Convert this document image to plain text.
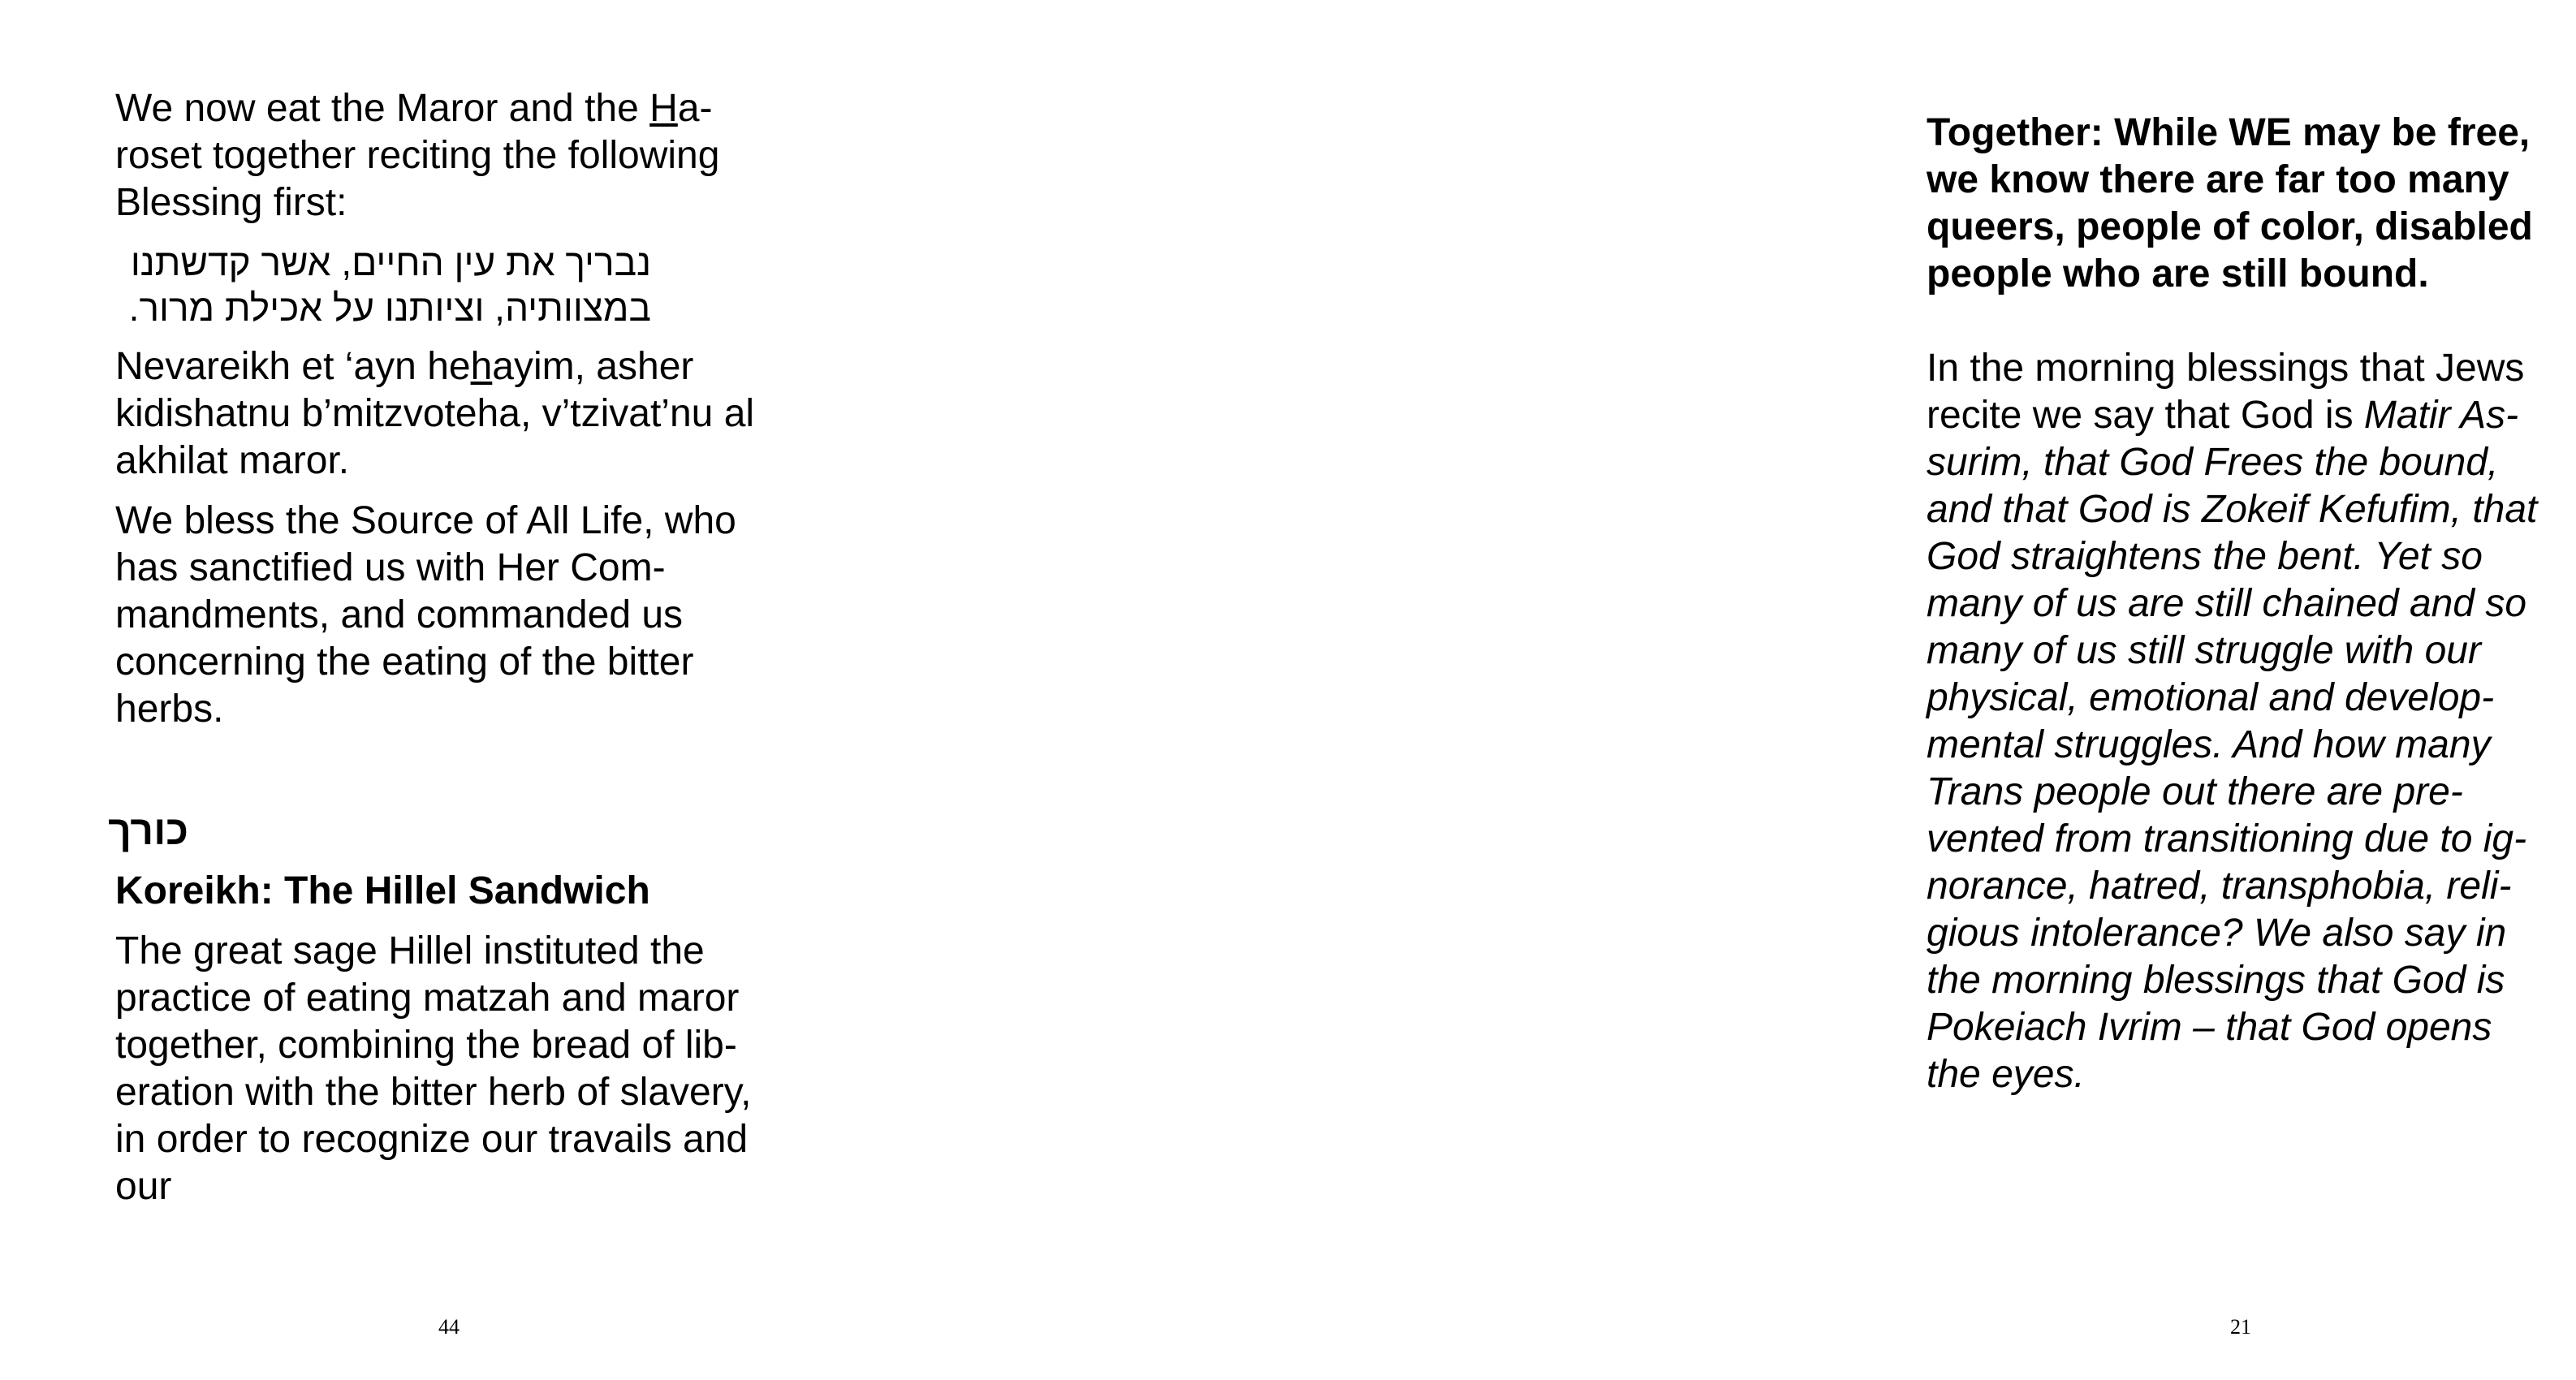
We now eat the Maror and the Ha-
roset together reciting the following
Blessing first:

נבריך את עין החיים, אשר קדשתנו
במצוותיה, וציותנו על אכילת מרור.

Nevareikh et ‘ayn hehayim, asher
kidishatnu b’mitzvoteha, v’tzivat’nu al
akhilat maror.

We bless the Source of All Life, who
has sanctified us with Her Com-
mandments, and commanded us
concerning the eating of the bitter
herbs.

כורך

Koreikh: The Hillel Sandwich

The great sage Hillel instituted the
practice of eating matzah and maror
together, combining the bread of lib-
eration with the bitter herb of slavery,
in order to recognize our travails and
our

44

Together: While WE may be free,
we know there are far too many
queers, people of color, disabled
people who are still bound.

In the morning blessings that Jews
recite we say that God is Matir As-
surim, that God Frees the bound,
and that God is Zokeif Kefufim, that
God straightens the bent. Yet so
many of us are still chained and so
many of us still struggle with our
physical, emotional and develop-
mental struggles. And how many
Trans people out there are pre-
vented from transitioning due to ig-
norance, hatred, transphobia, reli-
gious intolerance? We also say in
the morning blessings that God is
Pokeiach Ivrim – that God opens
the eyes.

21
